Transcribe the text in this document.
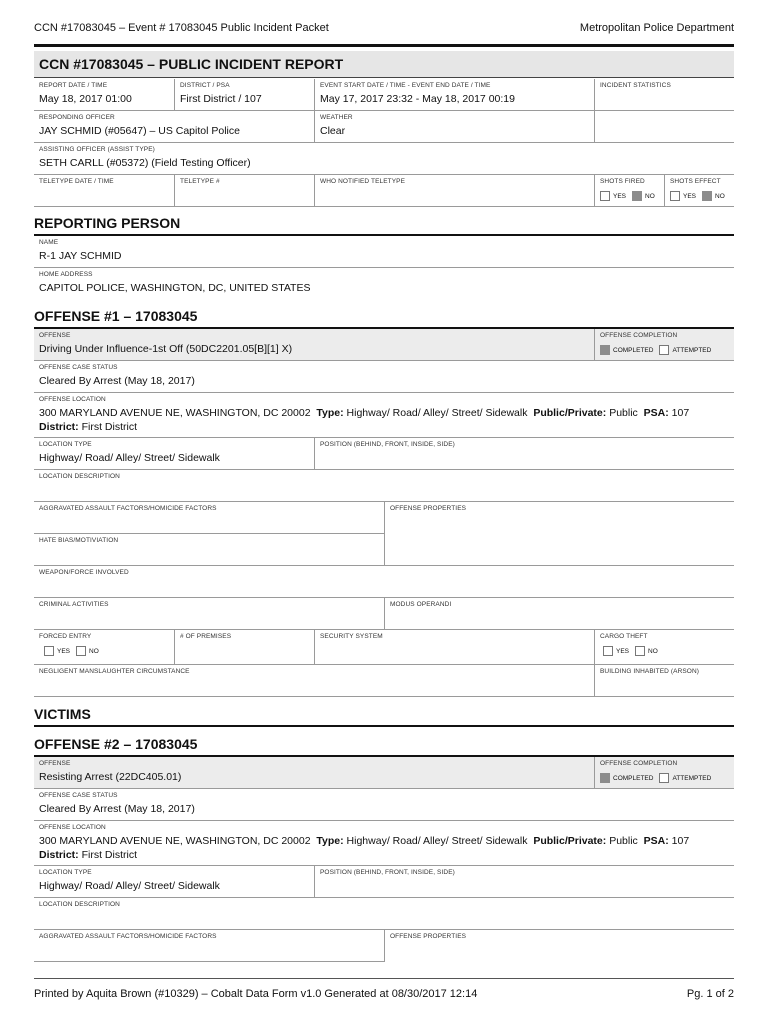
CCN #17083045 – Event # 17083045 Public Incident Packet	Metropolitan Police Department
CCN #17083045 – PUBLIC INCIDENT REPORT
REPORT DATE / TIME
May 18, 2017 01:00
DISTRICT / PSA
First District / 107
EVENT START DATE / TIME - EVENT END DATE / TIME
May 17, 2017 23:32 - May 18, 2017 00:19
INCIDENT STATISTICS
RESPONDING OFFICER
JAY SCHMID (#05647) – US Capitol Police
WEATHER
Clear
ASSISTING OFFICER (ASSIST TYPE)
SETH CARLL (#05372) (Field Testing Officer)
TELETYPE DATE / TIME	TELETYPE #	WHO NOTIFIED TELETYPE	SHOTS FIRED
YES	NO
SHOTS EFFECT
YES	NO
REPORTING PERSON
NAME
R-1 JAY SCHMID
HOME ADDRESS
CAPITOL POLICE, WASHINGTON, DC, UNITED STATES
OFFENSE #1 – 17083045
OFFENSE
Driving Under Influence-1st Off (50DC2201.05[B][1] X)
OFFENSE COMPLETION
COMPLETED	ATTEMPTED
OFFENSE CASE STATUS
Cleared By Arrest (May 18, 2017)
OFFENSE LOCATION
300 MARYLAND AVENUE NE, WASHINGTON, DC 20002 Type: Highway/ Road/ Alley/ Street/ Sidewalk Public/Private: Public PSA: 107  District: First District
LOCATION TYPE
Highway/ Road/ Alley/ Street/ Sidewalk
POSITION (BEHIND, FRONT, INSIDE, SIDE)
LOCATION DESCRIPTION
AGGRAVATED ASSAULT FACTORS/HOMICIDE FACTORS	OFFENSE PROPERTIES
HATE BIAS/MOTIVIATION
WEAPON/FORCE INVOLVED
CRIMINAL ACTIVITIES	MODUS OPERANDI
FORCED ENTRY
YES	NO
# OF PREMISES	SECURITY SYSTEM	CARGO THEFT
YES	NO
NEGLIGENT MANSLAUGHTER CIRCUMSTANCE	BUILDING INHABITED (ARSON)
VICTIMS
OFFENSE #2 – 17083045
OFFENSE
Resisting Arrest (22DC405.01)
OFFENSE COMPLETION
COMPLETED	ATTEMPTED
OFFENSE CASE STATUS
Cleared By Arrest (May 18, 2017)
OFFENSE LOCATION
300 MARYLAND AVENUE NE, WASHINGTON, DC 20002 Type: Highway/ Road/ Alley/ Street/ Sidewalk Public/Private: Public PSA: 107  District: First District
LOCATION TYPE
Highway/ Road/ Alley/ Street/ Sidewalk
POSITION (BEHIND, FRONT, INSIDE, SIDE)
LOCATION DESCRIPTION
AGGRAVATED ASSAULT FACTORS/HOMICIDE FACTORS	OFFENSE PROPERTIES
Printed by Aquita Brown (#10329) – Cobalt Data Form v1.0 Generated at 08/30/2017 12:14	Pg. 1 of 2
